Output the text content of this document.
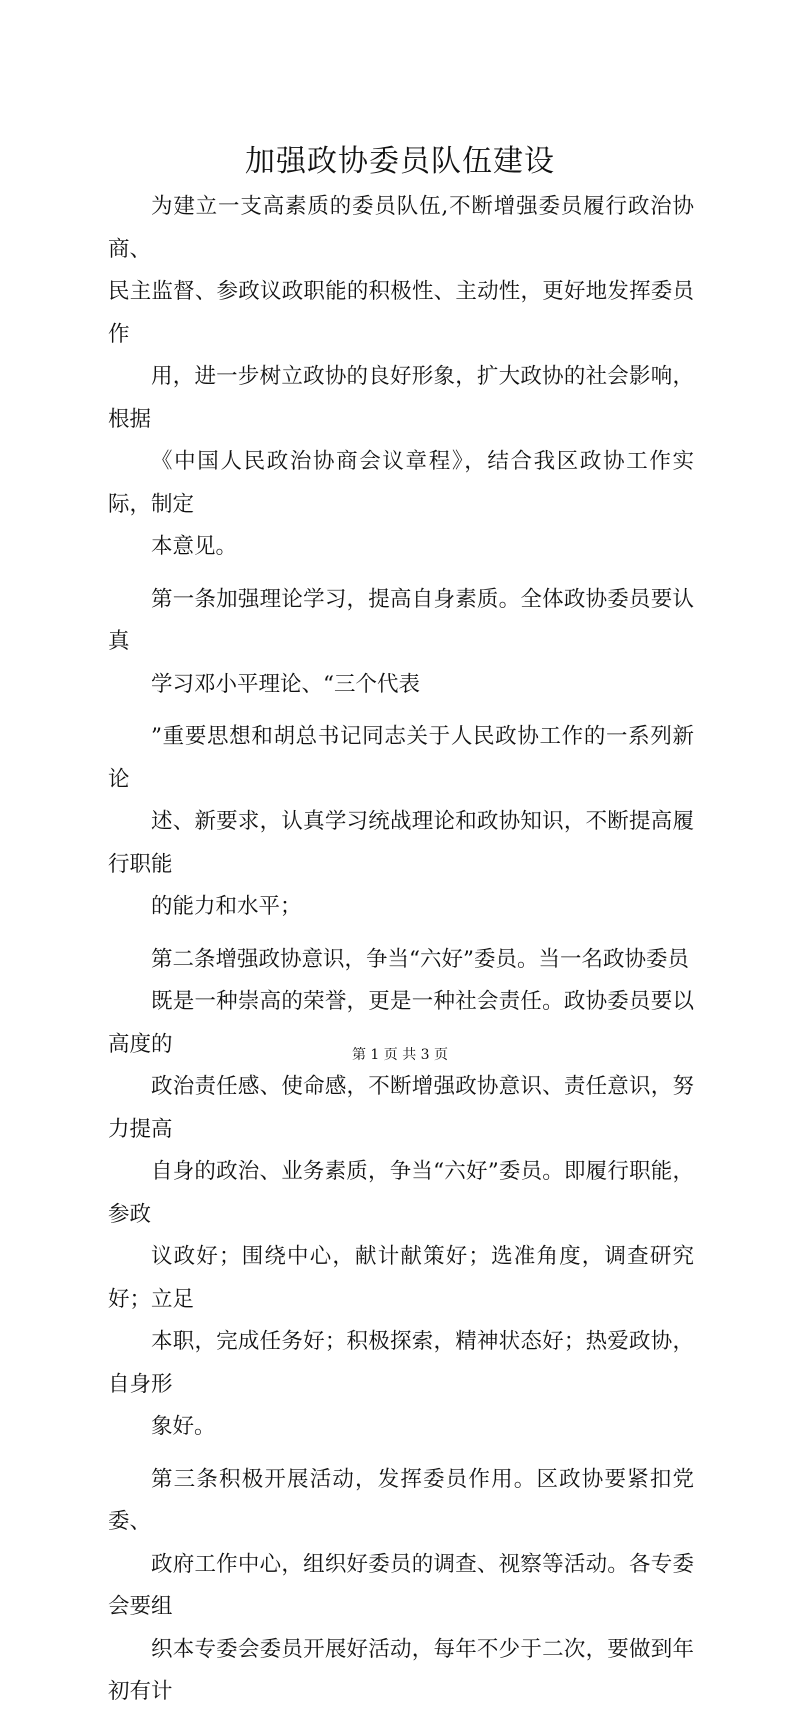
加强政协委员队伍建设

为建立一支高素质的委员队伍,不断增强委员履行政治协商、
民主监督、参政议政职能的积极性、主动性，更好地发挥委员作
用，进一步树立政协的良好形象，扩大政协的社会影响，根据
《中国人民政治协商会议章程》，结合我区政协工作实际，制定
本意见。

第一条加强理论学习，提高自身素质。全体政协委员要认真
学习邓小平理论、“三个代表

”重要思想和胡总书记同志关于人民政协工作的一系列新论
述、新要求，认真学习统战理论和政协知识，不断提高履行职能
的能力和水平；

第二条增强政协意识，争当“六好”委员。当一名政协委员
既是一种崇高的荣誉，更是一种社会责任。政协委员要以高度的
政治责任感、使命感，不断增强政协意识、责任意识，努力提高
自身的政治、业务素质，争当“六好”委员。即履行职能，参政
议政好；围绕中心，献计献策好；选准角度，调查研究好；立足
本职，完成任务好；积极探索，精神状态好；热爱政协，自身形
象好。

第三条积极开展活动，发挥委员作用。区政协要紧扣党委、
政府工作中心，组织好委员的调查、视察等活动。各专委会要组
织本专委会委员开展好活动，每年不少于二次，要做到年初有计

第 1 页 共 3 页
